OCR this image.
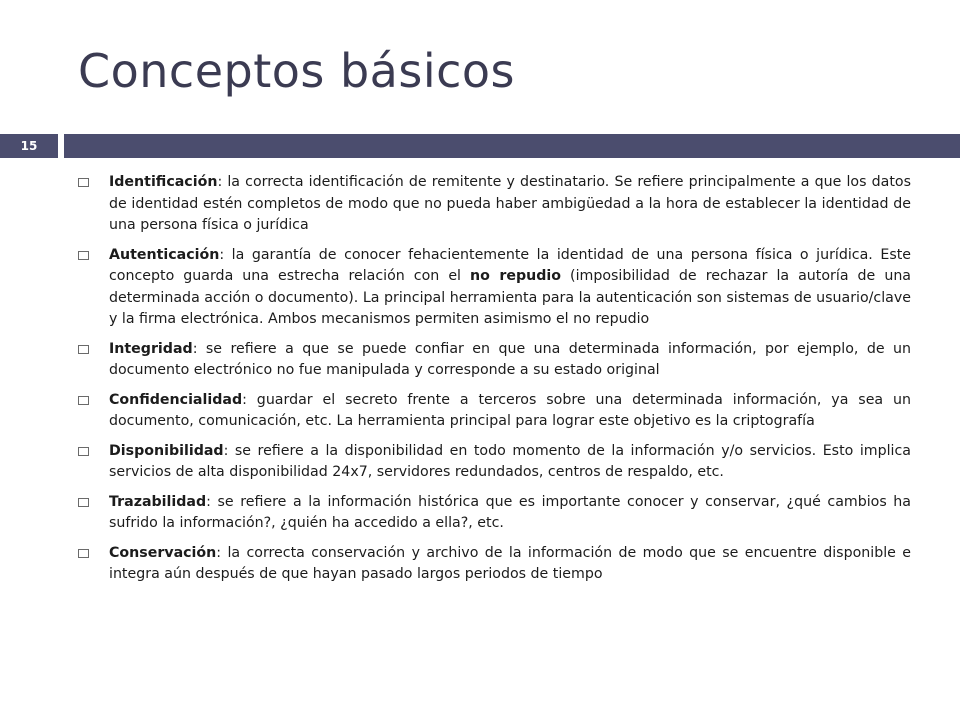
Conceptos básicos
15
Identificación: la correcta identificación de remitente y destinatario. Se refiere principalmente a que los datos de identidad estén completos de modo que no pueda haber ambigüedad a la hora de establecer la identidad de una persona física o jurídica
Autenticación: la garantía de conocer fehacientemente la identidad de una persona física o jurídica. Este concepto guarda una estrecha relación con el no repudio (imposibilidad de rechazar la autoría de una determinada acción o documento). La principal herramienta para la autenticación son sistemas de usuario/clave y la firma electrónica. Ambos mecanismos permiten asimismo el no repudio
Integridad: se refiere a que se puede confiar en que una determinada información, por ejemplo, de un documento electrónico no fue manipulada y corresponde a su estado original
Confidencialidad: guardar el secreto frente a terceros sobre una determinada información, ya sea un documento, comunicación, etc. La herramienta principal para lograr este objetivo es la criptografía
Disponibilidad: se refiere a la disponibilidad en todo momento de la información y/o servicios. Esto implica servicios de alta disponibilidad 24x7, servidores redundados, centros de respaldo, etc.
Trazabilidad: se refiere a la información histórica que es importante conocer y conservar, ¿qué cambios ha sufrido la información?, ¿quién ha accedido a ella?, etc.
Conservación: la correcta conservación y archivo de la información de modo que se encuentre disponible e integra aún después de que hayan pasado largos periodos de tiempo
